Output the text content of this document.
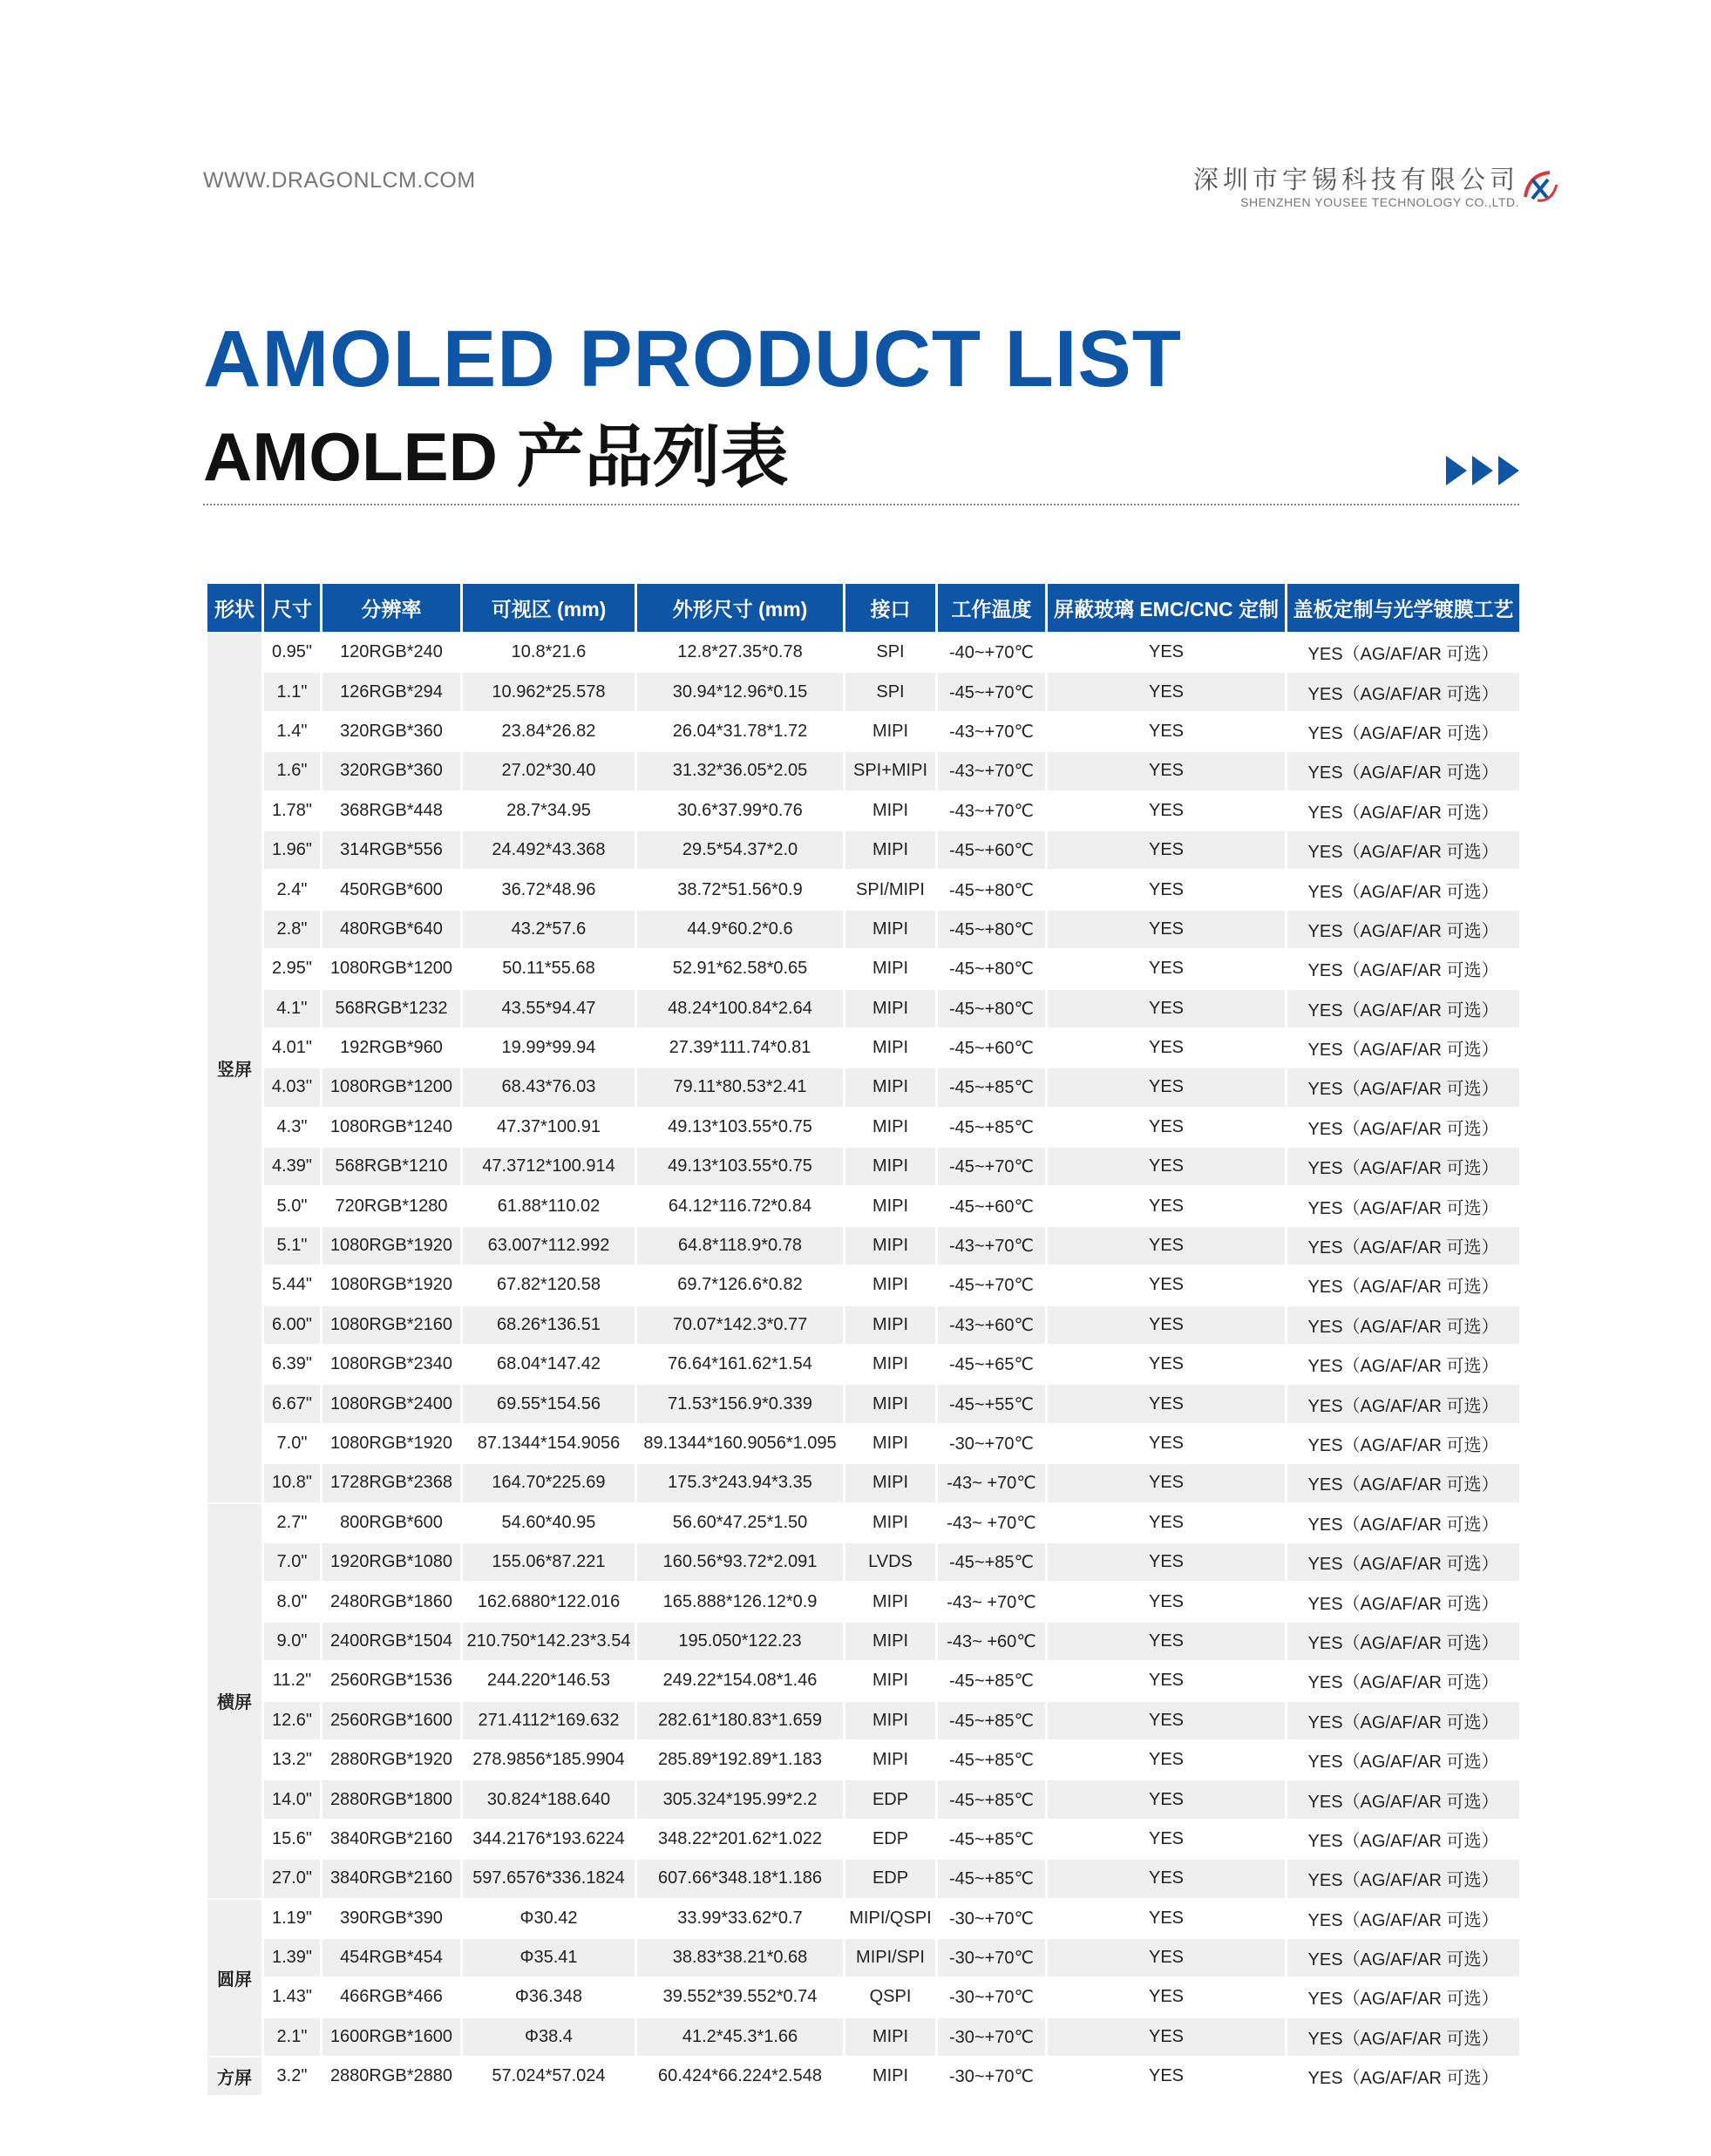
WWW.DRAGONLCM.COM	深圳市宇锡科技有限公司
SHENZHEN YOUSEE TECHNOLOGY CO.,LTD.
AMOLED PRODUCT LIST
AMOLED 产品列表
形状	尺寸	分辨率	可视区 (mm)	外形尺寸 (mm)	接口	工作温度	屏蔽玻璃 EMC/CNC 定制	盖板定制与光学镀膜工艺
竖屏	0.95"	120RGB*240	10.8*21.6	12.8*27.35*0.78	SPI	-40~+70℃	YES	YES（AG/AF/AR 可选）
	1.1"	126RGB*294	10.962*25.578	30.94*12.96*0.15	SPI	-45~+70℃	YES	YES（AG/AF/AR 可选）
	1.4"	320RGB*360	23.84*26.82	26.04*31.78*1.72	MIPI	-43~+70℃	YES	YES（AG/AF/AR 可选）
	1.6"	320RGB*360	27.02*30.40	31.32*36.05*2.05	SPI+MIPI	-43~+70℃	YES	YES（AG/AF/AR 可选）
	1.78"	368RGB*448	28.7*34.95	30.6*37.99*0.76	MIPI	-43~+70℃	YES	YES（AG/AF/AR 可选）
	1.96"	314RGB*556	24.492*43.368	29.5*54.37*2.0	MIPI	-45~+60℃	YES	YES（AG/AF/AR 可选）
	2.4"	450RGB*600	36.72*48.96	38.72*51.56*0.9	SPI/MIPI	-45~+80℃	YES	YES（AG/AF/AR 可选）
	2.8"	480RGB*640	43.2*57.6	44.9*60.2*0.6	MIPI	-45~+80℃	YES	YES（AG/AF/AR 可选）
	2.95"	1080RGB*1200	50.11*55.68	52.91*62.58*0.65	MIPI	-45~+80℃	YES	YES（AG/AF/AR 可选）
	4.1''	568RGB*1232	43.55*94.47	48.24*100.84*2.64	MIPI	-45~+80℃	YES	YES（AG/AF/AR 可选）
	4.01"	192RGB*960	19.99*99.94	27.39*111.74*0.81	MIPI	-45~+60℃	YES	YES（AG/AF/AR 可选）
	4.03''	1080RGB*1200	68.43*76.03	79.11*80.53*2.41	MIPI	-45~+85℃	YES	YES（AG/AF/AR 可选）
	4.3"	1080RGB*1240	47.37*100.91	49.13*103.55*0.75	MIPI	-45~+85℃	YES	YES（AG/AF/AR 可选）
	4.39"	568RGB*1210	47.3712*100.914	49.13*103.55*0.75	MIPI	-45~+70℃	YES	YES（AG/AF/AR 可选）
	5.0"	720RGB*1280	61.88*110.02	64.12*116.72*0.84	MIPI	-45~+60℃	YES	YES（AG/AF/AR 可选）
	5.1"	1080RGB*1920	63.007*112.992	64.8*118.9*0.78	MIPI	-43~+70℃	YES	YES（AG/AF/AR 可选）
	5.44"	1080RGB*1920	67.82*120.58	69.7*126.6*0.82	MIPI	-45~+70℃	YES	YES（AG/AF/AR 可选）
	6.00"	1080RGB*2160	68.26*136.51	70.07*142.3*0.77	MIPI	-43~+60℃	YES	YES（AG/AF/AR 可选）
	6.39"	1080RGB*2340	68.04*147.42	76.64*161.62*1.54	MIPI	-45~+65℃	YES	YES（AG/AF/AR 可选）
	6.67"	1080RGB*2400	69.55*154.56	71.53*156.9*0.339	MIPI	-45~+55℃	YES	YES（AG/AF/AR 可选）
	7.0"	1080RGB*1920	87.1344*154.9056	89.1344*160.9056*1.095	MIPI	-30~+70℃	YES	YES（AG/AF/AR 可选）
	10.8"	1728RGB*2368	164.70*225.69	175.3*243.94*3.35	MIPI	-43~ +70℃	YES	YES（AG/AF/AR 可选）
横屏	2.7"	800RGB*600	54.60*40.95	56.60*47.25*1.50	MIPI	-43~ +70℃	YES	YES（AG/AF/AR 可选）
	7.0"	1920RGB*1080	155.06*87.221	160.56*93.72*2.091	LVDS	-45~+85℃	YES	YES（AG/AF/AR 可选）
	8.0"	2480RGB*1860	162.6880*122.016	165.888*126.12*0.9	MIPI	-43~ +70℃	YES	YES（AG/AF/AR 可选）
	9.0"	2400RGB*1504	210.750*142.23*3.54	195.050*122.23	MIPI	-43~ +60℃	YES	YES（AG/AF/AR 可选）
	11.2"	2560RGB*1536	244.220*146.53	249.22*154.08*1.46	MIPI	-45~+85℃	YES	YES（AG/AF/AR 可选）
	12.6"	2560RGB*1600	271.4112*169.632	282.61*180.83*1.659	MIPI	-45~+85℃	YES	YES（AG/AF/AR 可选）
	13.2"	2880RGB*1920	278.9856*185.9904	285.89*192.89*1.183	MIPI	-45~+85℃	YES	YES（AG/AF/AR 可选）
	14.0"	2880RGB*1800	30.824*188.640	305.324*195.99*2.2	EDP	-45~+85℃	YES	YES（AG/AF/AR 可选）
	15.6"	3840RGB*2160	344.2176*193.6224	348.22*201.62*1.022	EDP	-45~+85℃	YES	YES（AG/AF/AR 可选）
	27.0"	3840RGB*2160	597.6576*336.1824	607.66*348.18*1.186	EDP	-45~+85℃	YES	YES（AG/AF/AR 可选）
圆屏	1.19"	390RGB*390	Φ30.42	33.99*33.62*0.7	MIPI/QSPI	-30~+70℃	YES	YES（AG/AF/AR 可选）
	1.39"	454RGB*454	Φ35.41	38.83*38.21*0.68	MIPI/SPI	-30~+70℃	YES	YES（AG/AF/AR 可选）
	1.43"	466RGB*466	Φ36.348	39.552*39.552*0.74	QSPI	-30~+70℃	YES	YES（AG/AF/AR 可选）
	2.1"	1600RGB*1600	Φ38.4	41.2*45.3*1.66	MIPI	-30~+70℃	YES	YES（AG/AF/AR 可选）
方屏	3.2"	2880RGB*2880	57.024*57.024	60.424*66.224*2.548	MIPI	-30~+70℃	YES	YES（AG/AF/AR 可选）
